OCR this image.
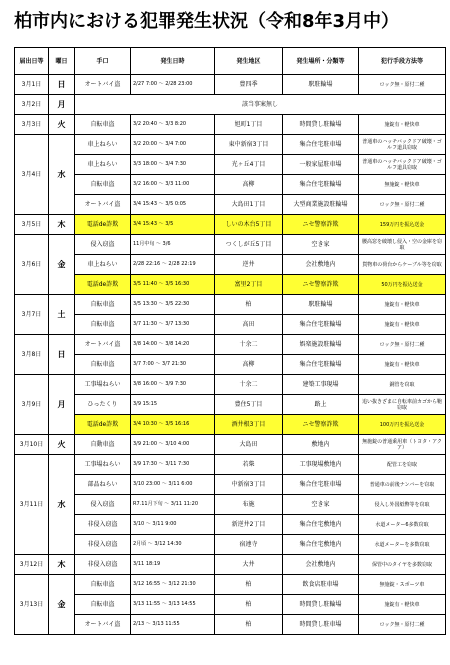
柏市内における犯罪発生状況（令和8年3月中）
届出日等	曜日	手口	発生日時	発生地区	発生場所・分類等	犯行手段方法等
3月1日	日	オートバイ盗	2/27 7:00 ～ 2/28 23:00	豊四季	駅駐輪場	ロック無・原付二種
3月2日	月	該当事案無し				
3月3日	火	自転車盗	3/2 20:40 ～ 3/3 8:20	旭町1丁目	時間貸し駐輪場	施錠有・軽快車
3月4日	水	車上ねらい	3/2 20:00 ～ 3/4 7:00	東中新宿3丁目	集合住宅駐車場	普通車のハッチバックドア破壊・ゴルフ道具窃取
		車上ねらい	3/3 18:00 ～ 3/4 7:30	光ヶ丘4丁目	一般家屋駐車場	普通車のハッチバックドア破壊・ゴルフ道具窃取
		自転車盗	3/2 16:00 ～ 3/3 11:00	高柳	集合住宅駐輪場	無施錠・軽快車
		オートバイ盗	3/4 15:43 ～ 3/5 0:05	大島田1丁目	大型商業施設駐輪場	ロック無・原付二種
3月5日	木	電話de詐欺	3/4 15:43 ～ 3/5	しいの木台5丁目	ニセ警察詐欺	159万円を振込送金
3月6日	金	侵入窃盗	11月中旬 ～ 3/6	つくしが丘5丁目	空き家	腰高窓を破壊し侵入・空の金庫を窃取
		車上ねらい	2/28 22:16 ～ 2/28 22:19	逆井	会社敷地内	貨物車の荷台からケーブル等を窃取
		電話de詐欺	3/5 11:40 ～ 3/5 16:30	富里2丁目	ニセ警察詐欺	50万円を振込送金
3月7日	土	自転車盗	3/5 13:30 ～ 3/5 22:30	柏	駅駐輪場	施錠有・軽快車
		自転車盗	3/7 11:30 ～ 3/7 13:30	高田	集合住宅駐輪場	施錠有・軽快車
3月8日	日	オートバイ盗	3/8 14:00 ～ 3/8 14:20	十余二	娯楽施設駐輪場	ロック無・原付二種
		自転車盗	3/7 7:00 ～ 3/7 21:30	高柳	集合住宅駐輪場	施錠有・軽快車
3月9日	月	工事場ねらい	3/8 16:00 ～ 3/9 7:30	十余二	建築工事現場	銅管を窃取
		ひったくり	3/9 15:15	豊住5丁目	路上	追い抜きざまに自転車前カゴから鞄窃取
		電話de詐欺	3/4 10:30 ～ 3/5 16:16	酒井根3丁目	ニセ警察詐欺	100万円を振込送金
3月10日	火	自動車盗	3/9 21:00 ～ 3/10 4:00	大島田	敷地内	無施錠の普通乗用車（トヨタ・アクア）
3月11日	水	工事場ねらい	3/9 17:30 ～ 3/11 7:30	若柴	工事現場敷地内	配管工を窃取
		部品ねらい	3/10 23:00 ～ 3/11 6:00	中新宿3丁目	集合住宅駐車場	普通車の前後ナンバーを窃取
		侵入窃盗	R7.11月下旬 ～ 3/11 11:20	布施	空き家	侵入し外国紙幣等を窃取
		非侵入窃盗	3/10 ～ 3/11 9:00	新逆井2丁目	集合住宅敷地内	水道メーター6多数窃取
		非侵入窃盗	2月頃 ～ 3/12 14:30	宿連寺	集合住宅敷地内	水道メーターを多数窃取
3月12日	木	非侵入窃盗	3/11 18:19	大井	会社敷地内	保管中のタイヤを多数窃取
3月13日	金	自転車盗	3/12 16:55 ～ 3/12 21:30	柏	飲食店駐車場	無施錠・スポーツ車
		自転車盗	3/13 11:55 ～ 3/13 14:55	柏	時間貸し駐輪場	施錠有・軽快車
		オートバイ盗	2/13 ～ 3/13 11:55	柏	時間貸し駐車場	ロック無・原付二種
